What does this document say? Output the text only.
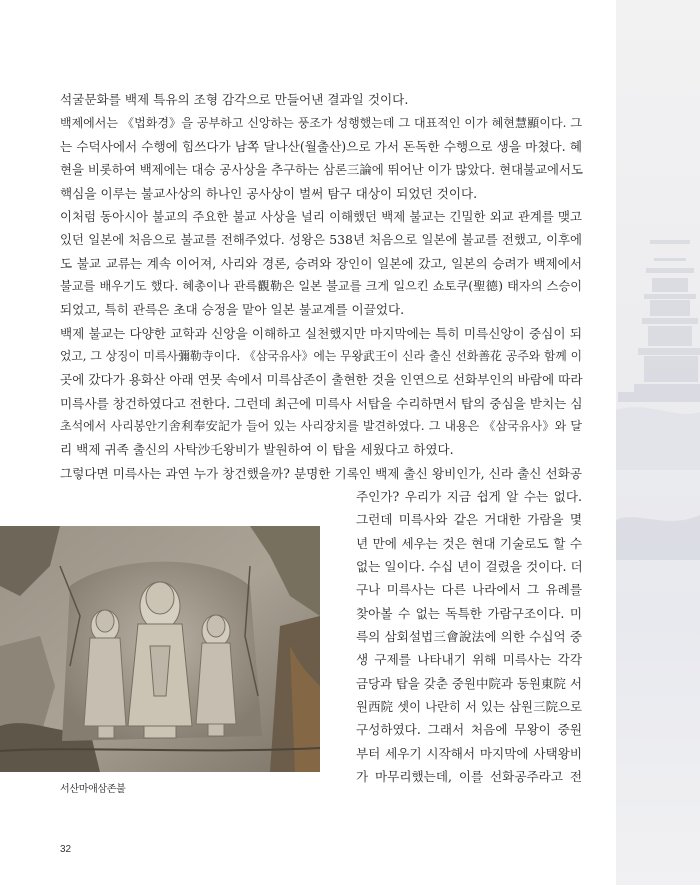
석굴문화를 백제 특유의 조형 감각으로 만들어낸 결과일 것이다.
백제에서는 《법화경》을 공부하고 신앙하는 풍조가 성행했는데 그 대표적인 이가 혜현慧顯이다. 그
는 수덕사에서 수행에 힘쓰다가 남쪽 달나산(월출산)으로 가서 돈독한 수행으로 생을 마쳤다. 혜
현을 비롯하여 백제에는 대승 공사상을 추구하는 삼론三論에 뛰어난 이가 많았다. 현대불교에서도
핵심을 이루는 불교사상의 하나인 공사상이 벌써 탐구 대상이 되었던 것이다.
이처럼 동아시아 불교의 주요한 불교 사상을 널리 이해했던 백제 불교는 긴밀한 외교 관계를 맺고
있던 일본에 처음으로 불교를 전해주었다. 성왕은 538년 처음으로 일본에 불교를 전했고, 이후에
도 불교 교류는 계속 이어져, 사리와 경론, 승려와 장인이 일본에 갔고, 일본의 승려가 백제에서
불교를 배우기도 했다. 혜총이나 관륵觀勒은 일본 불교를 크게 일으킨 쇼토쿠(聖德) 태자의 스승이
되었고, 특히 관륵은 초대 승정을 맡아 일본 불교계를 이끌었다.
백제 불교는 다양한 교학과 신앙을 이해하고 실천했지만 마지막에는 특히 미륵신앙이 중심이 되
었고, 그 상징이 미륵사彌勒寺이다. 《삼국유사》에는 무왕武王이 신라 출신 선화善花 공주와 함께 이
곳에 갔다가 용화산 아래 연못 속에서 미륵삼존이 출현한 것을 인연으로 선화부인의 바람에 따라
미륵사를 창건하였다고 전한다. 그런데 최근에 미륵사 서탑을 수리하면서 탑의 중심을 받치는 심
초석에서 사리봉안기舍利奉安記가 들어 있는 사리장치를 발견하였다. 그 내용은 《삼국유사》와 달
리 백제 귀족 출신의 사탁沙乇왕비가 발원하여 이 탑을 세웠다고 하였다.
그렇다면 미륵사는 과연 누가 창건했을까? 분명한 기록인 백제 출신 왕비인가, 신라 출신 선화공
주인가? 우리가 지금 쉽게 알 수는 없다.
그런데 미륵사와 같은 거대한 가람을 몇
년 만에 세우는 것은 현대 기술로도 할 수
없는 일이다. 수십 년이 걸렸을 것이다. 더
구나 미륵사는 다른 나라에서 그 유례를
찾아볼 수 없는 독특한 가람구조이다. 미
륵의 삼회설법三會說法에 의한 수십억 중
생 구제를 나타내기 위해 미륵사는 각각
금당과 탑을 갖춘 중원中院과 동원東院 서
원西院 셋이 나란히 서 있는 삼원三院으로
구성하였다. 그래서 처음에 무왕이 중원
부터 세우기 시작해서 마지막에 사택왕비
가 마무리했는데, 이를 선화공주라고 전
서산마애삼존불
32
